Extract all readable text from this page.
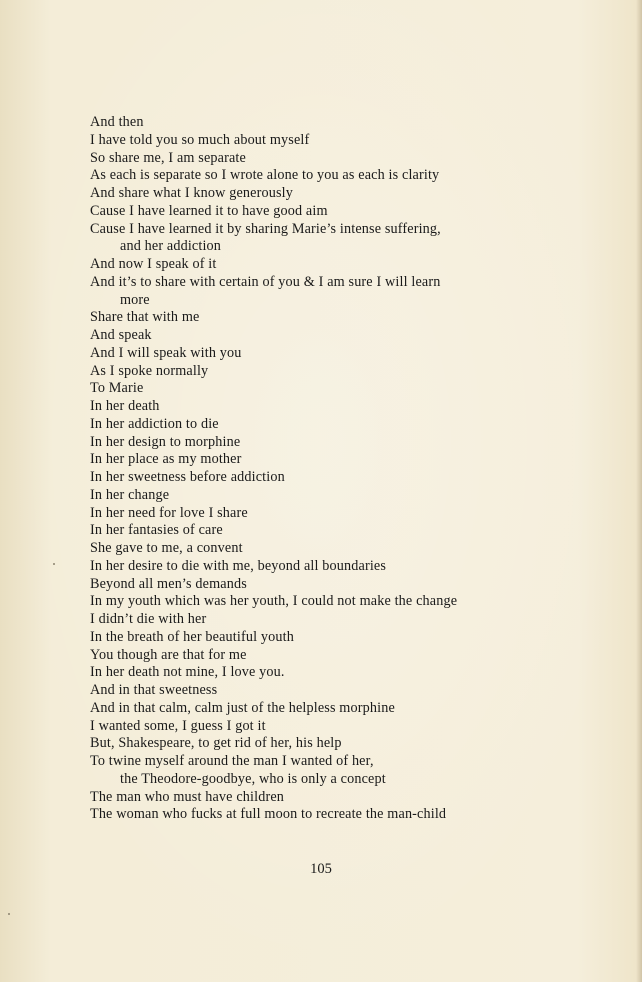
And then
I have told you so much about myself
So share me, I am separate
As each is separate so I wrote alone to you as each is clarity
And share what I know generously
Cause I have learned it to have good aim
Cause I have learned it by sharing Marie’s intense suffering,
and her addiction
And now I speak of it
And it’s to share with certain of you & I am sure I will learn
more
Share that with me
And speak
And I will speak with you
As I spoke normally
To Marie
In her death
In her addiction to die
In her design to morphine
In her place as my mother
In her sweetness before addiction
In her change
In her need for love I share
In her fantasies of care
She gave to me, a convent
In her desire to die with me, beyond all boundaries
Beyond all men’s demands
In my youth which was her youth, I could not make the change
I didn’t die with her
In the breath of her beautiful youth
You though are that for me
In her death not mine, I love you.
And in that sweetness
And in that calm, calm just of the helpless morphine
I wanted some, I guess I got it
But, Shakespeare, to get rid of her, his help
To twine myself around the man I wanted of her,
the Theodore-goodbye, who is only a concept
The man who must have children
The woman who fucks at full moon to recreate the man-child
105
